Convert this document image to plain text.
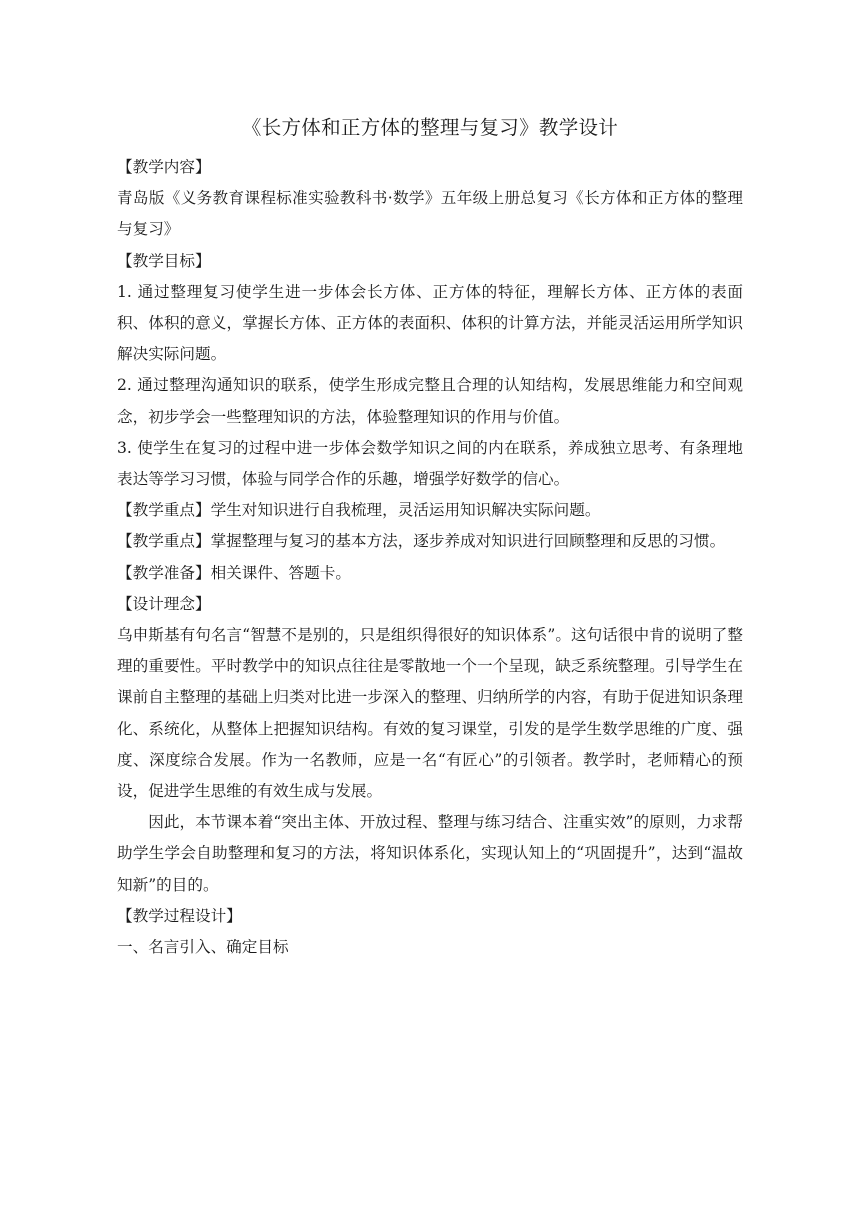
《长方体和正方体的整理与复习》教学设计

【教学内容】

青岛版《义务教育课程标准实验教科书·数学》五年级上册总复习《长方体和正方体的整理与复习》

【教学目标】

1. 通过整理复习使学生进一步体会长方体、正方体的特征，理解长方体、正方体的表面积、体积的意义，掌握长方体、正方体的表面积、体积的计算方法，并能灵活运用所学知识解决实际问题。

2. 通过整理沟通知识的联系，使学生形成完整且合理的认知结构，发展思维能力和空间观念，初步学会一些整理知识的方法，体验整理知识的作用与价值。

3. 使学生在复习的过程中进一步体会数学知识之间的内在联系，养成独立思考、有条理地表达等学习习惯，体验与同学合作的乐趣，增强学好数学的信心。

【教学重点】学生对知识进行自我梳理，灵活运用知识解决实际问题。

【教学重点】掌握整理与复习的基本方法，逐步养成对知识进行回顾整理和反思的习惯。

【教学准备】相关课件、答题卡。

【设计理念】

乌申斯基有句名言“智慧不是别的，只是组织得很好的知识体系”。这句话很中肯的说明了整理的重要性。平时教学中的知识点往往是零散地一个一个呈现，缺乏系统整理。引导学生在课前自主整理的基础上归类对比进一步深入的整理、归纳所学的内容，有助于促进知识条理化、系统化，从整体上把握知识结构。有效的复习课堂，引发的是学生数学思维的广度、强度、深度综合发展。作为一名教师，应是一名“有匠心”的引领者。教学时，老师精心的预设，促进学生思维的有效生成与发展。

因此，本节课本着“突出主体、开放过程、整理与练习结合、注重实效”的原则，力求帮助学生学会自助整理和复习的方法，将知识体系化，实现认知上的“巩固提升”，达到“温故知新”的目的。

【教学过程设计】

一、名言引入、确定目标
